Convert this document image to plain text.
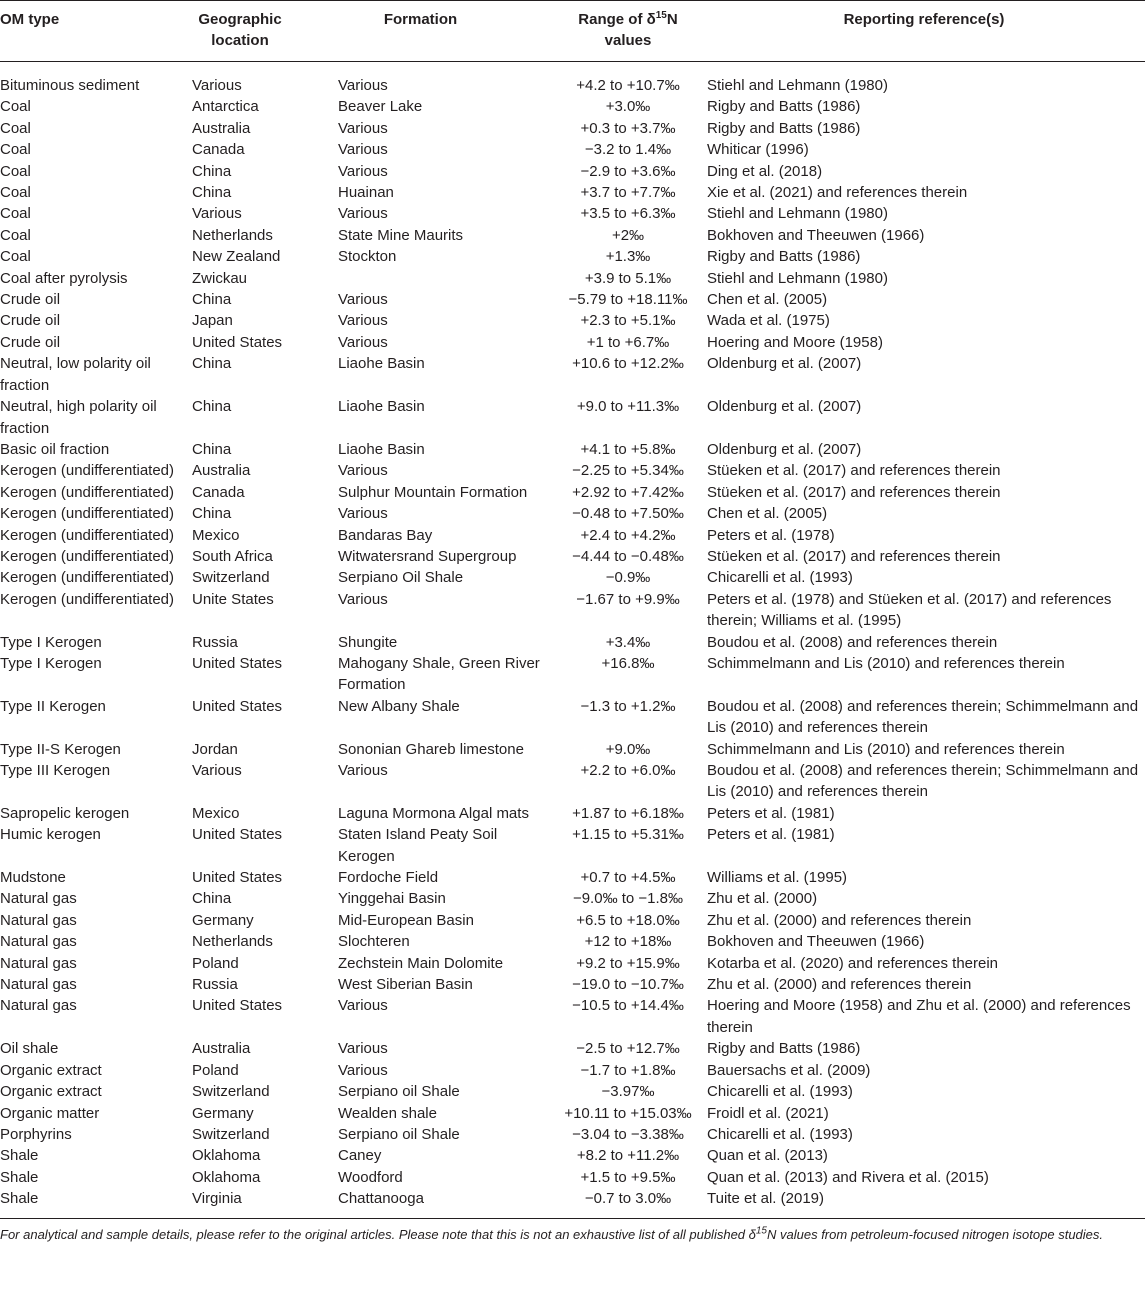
OM type	Geographic location	Formation	Range of $\delta^{15}N$ values	Reporting reference(s)
Bituminous sediment	Various	Various	+4.2 to +10.7‰	Stiehl and Lehmann (1980)
Coal	Antarctica	Beaver Lake	+3.0‰	Rigby and Batts (1986)
Coal	Australia	Various	+0.3 to +3.7‰	Rigby and Batts (1986)
Coal	Canada	Various	−3.2 to 1.4‰	Whiticar (1996)
Coal	China	Various	−2.9 to +3.6‰	Ding et al. (2018)
Coal	China	Huainan	+3.7 to +7.7‰	Xie et al. (2021) and references therein
Coal	Various	Various	+3.5 to +6.3‰	Stiehl and Lehmann (1980)
Coal	Netherlands	State Mine Maurits	+2‰	Bokhoven and Theeuwen (1966)
Coal	New Zealand	Stockton	+1.3‰	Rigby and Batts (1986)
Coal after pyrolysis	Zwickau		+3.9 to 5.1‰	Stiehl and Lehmann (1980)
Crude oil	China	Various	−5.79 to +18.11‰	Chen et al. (2005)
Crude oil	Japan	Various	+2.3 to +5.1‰	Wada et al. (1975)
Crude oil	United States	Various	+1 to +6.7‰	Hoering and Moore (1958)
Neutral, low polarity oil fraction	China	Liaohe Basin	+10.6 to +12.2‰	Oldenburg et al. (2007)
Neutral, high polarity oil fraction	China	Liaohe Basin	+9.0 to +11.3‰	Oldenburg et al. (2007)
Basic oil fraction	China	Liaohe Basin	+4.1 to +5.8‰	Oldenburg et al. (2007)
Kerogen (undifferentiated)	Australia	Various	−2.25 to +5.34‰	Stüeken et al. (2017) and references therein
Kerogen (undifferentiated)	Canada	Sulphur Mountain Formation	+2.92 to +7.42‰	Stüeken et al. (2017) and references therein
Kerogen (undifferentiated)	China	Various	−0.48 to +7.50‰	Chen et al. (2005)
Kerogen (undifferentiated)	Mexico	Bandaras Bay	+2.4 to +4.2‰	Peters et al. (1978)
Kerogen (undifferentiated)	South Africa	Witwatersrand Supergroup	−4.44 to −0.48‰	Stüeken et al. (2017) and references therein
Kerogen (undifferentiated)	Switzerland	Serpiano Oil Shale	−0.9‰	Chicarelli et al. (1993)
Kerogen (undifferentiated)	Unite States	Various	−1.67 to +9.9‰	Peters et al. (1978) and Stüeken et al. (2017) and references therein; Williams et al. (1995)
Type I Kerogen	Russia	Shungite	+3.4‰	Boudou et al. (2008) and references therein
Type I Kerogen	United States	Mahogany Shale, Green River Formation	+16.8‰	Schimmelmann and Lis (2010) and references therein
Type II Kerogen	United States	New Albany Shale	−1.3 to +1.2‰	Boudou et al. (2008) and references therein; Schimmelmann and Lis (2010) and references therein
Type II-S Kerogen	Jordan	Sononian Ghareb limestone	+9.0‰	Schimmelmann and Lis (2010) and references therein
Type III Kerogen	Various	Various	+2.2 to +6.0‰	Boudou et al. (2008) and references therein; Schimmelmann and Lis (2010) and references therein
Sapropelic kerogen	Mexico	Laguna Mormona Algal mats	+1.87 to +6.18‰	Peters et al. (1981)
Humic kerogen	United States	Staten Island Peaty Soil Kerogen	+1.15 to +5.31‰	Peters et al. (1981)
Mudstone	United States	Fordoche Field	+0.7 to +4.5‰	Williams et al. (1995)
Natural gas	China	Yinggehai Basin	−9.0‰ to −1.8‰	Zhu et al. (2000)
Natural gas	Germany	Mid-European Basin	+6.5 to +18.0‰	Zhu et al. (2000) and references therein
Natural gas	Netherlands	Slochteren	+12 to +18‰	Bokhoven and Theeuwen (1966)
Natural gas	Poland	Zechstein Main Dolomite	+9.2 to +15.9‰	Kotarba et al. (2020) and references therein
Natural gas	Russia	West Siberian Basin	−19.0 to −10.7‰	Zhu et al. (2000) and references therein
Natural gas	United States	Various	−10.5 to +14.4‰	Hoering and Moore (1958) and Zhu et al. (2000) and references therein
Oil shale	Australia	Various	−2.5 to +12.7‰	Rigby and Batts (1986)
Organic extract	Poland	Various	−1.7 to +1.8‰	Bauersachs et al. (2009)
Organic extract	Switzerland	Serpiano oil Shale	−3.97‰	Chicarelli et al. (1993)
Organic matter	Germany	Wealden shale	+10.11 to +15.03‰	Froidl et al. (2021)
Porphyrins	Switzerland	Serpiano oil Shale	−3.04 to −3.38‰	Chicarelli et al. (1993)
Shale	Oklahoma	Caney	+8.2 to +11.2‰	Quan et al. (2013)
Shale	Oklahoma	Woodford	+1.5 to +9.5‰	Quan et al. (2013) and Rivera et al. (2015)
Shale	Virginia	Chattanooga	−0.7 to 3.0‰	Tuite et al. (2019)
For analytical and sample details, please refer to the original articles. Please note that this is not an exhaustive list of all published $\delta^{15}N$ values from petroleum-focused nitrogen isotope studies.
